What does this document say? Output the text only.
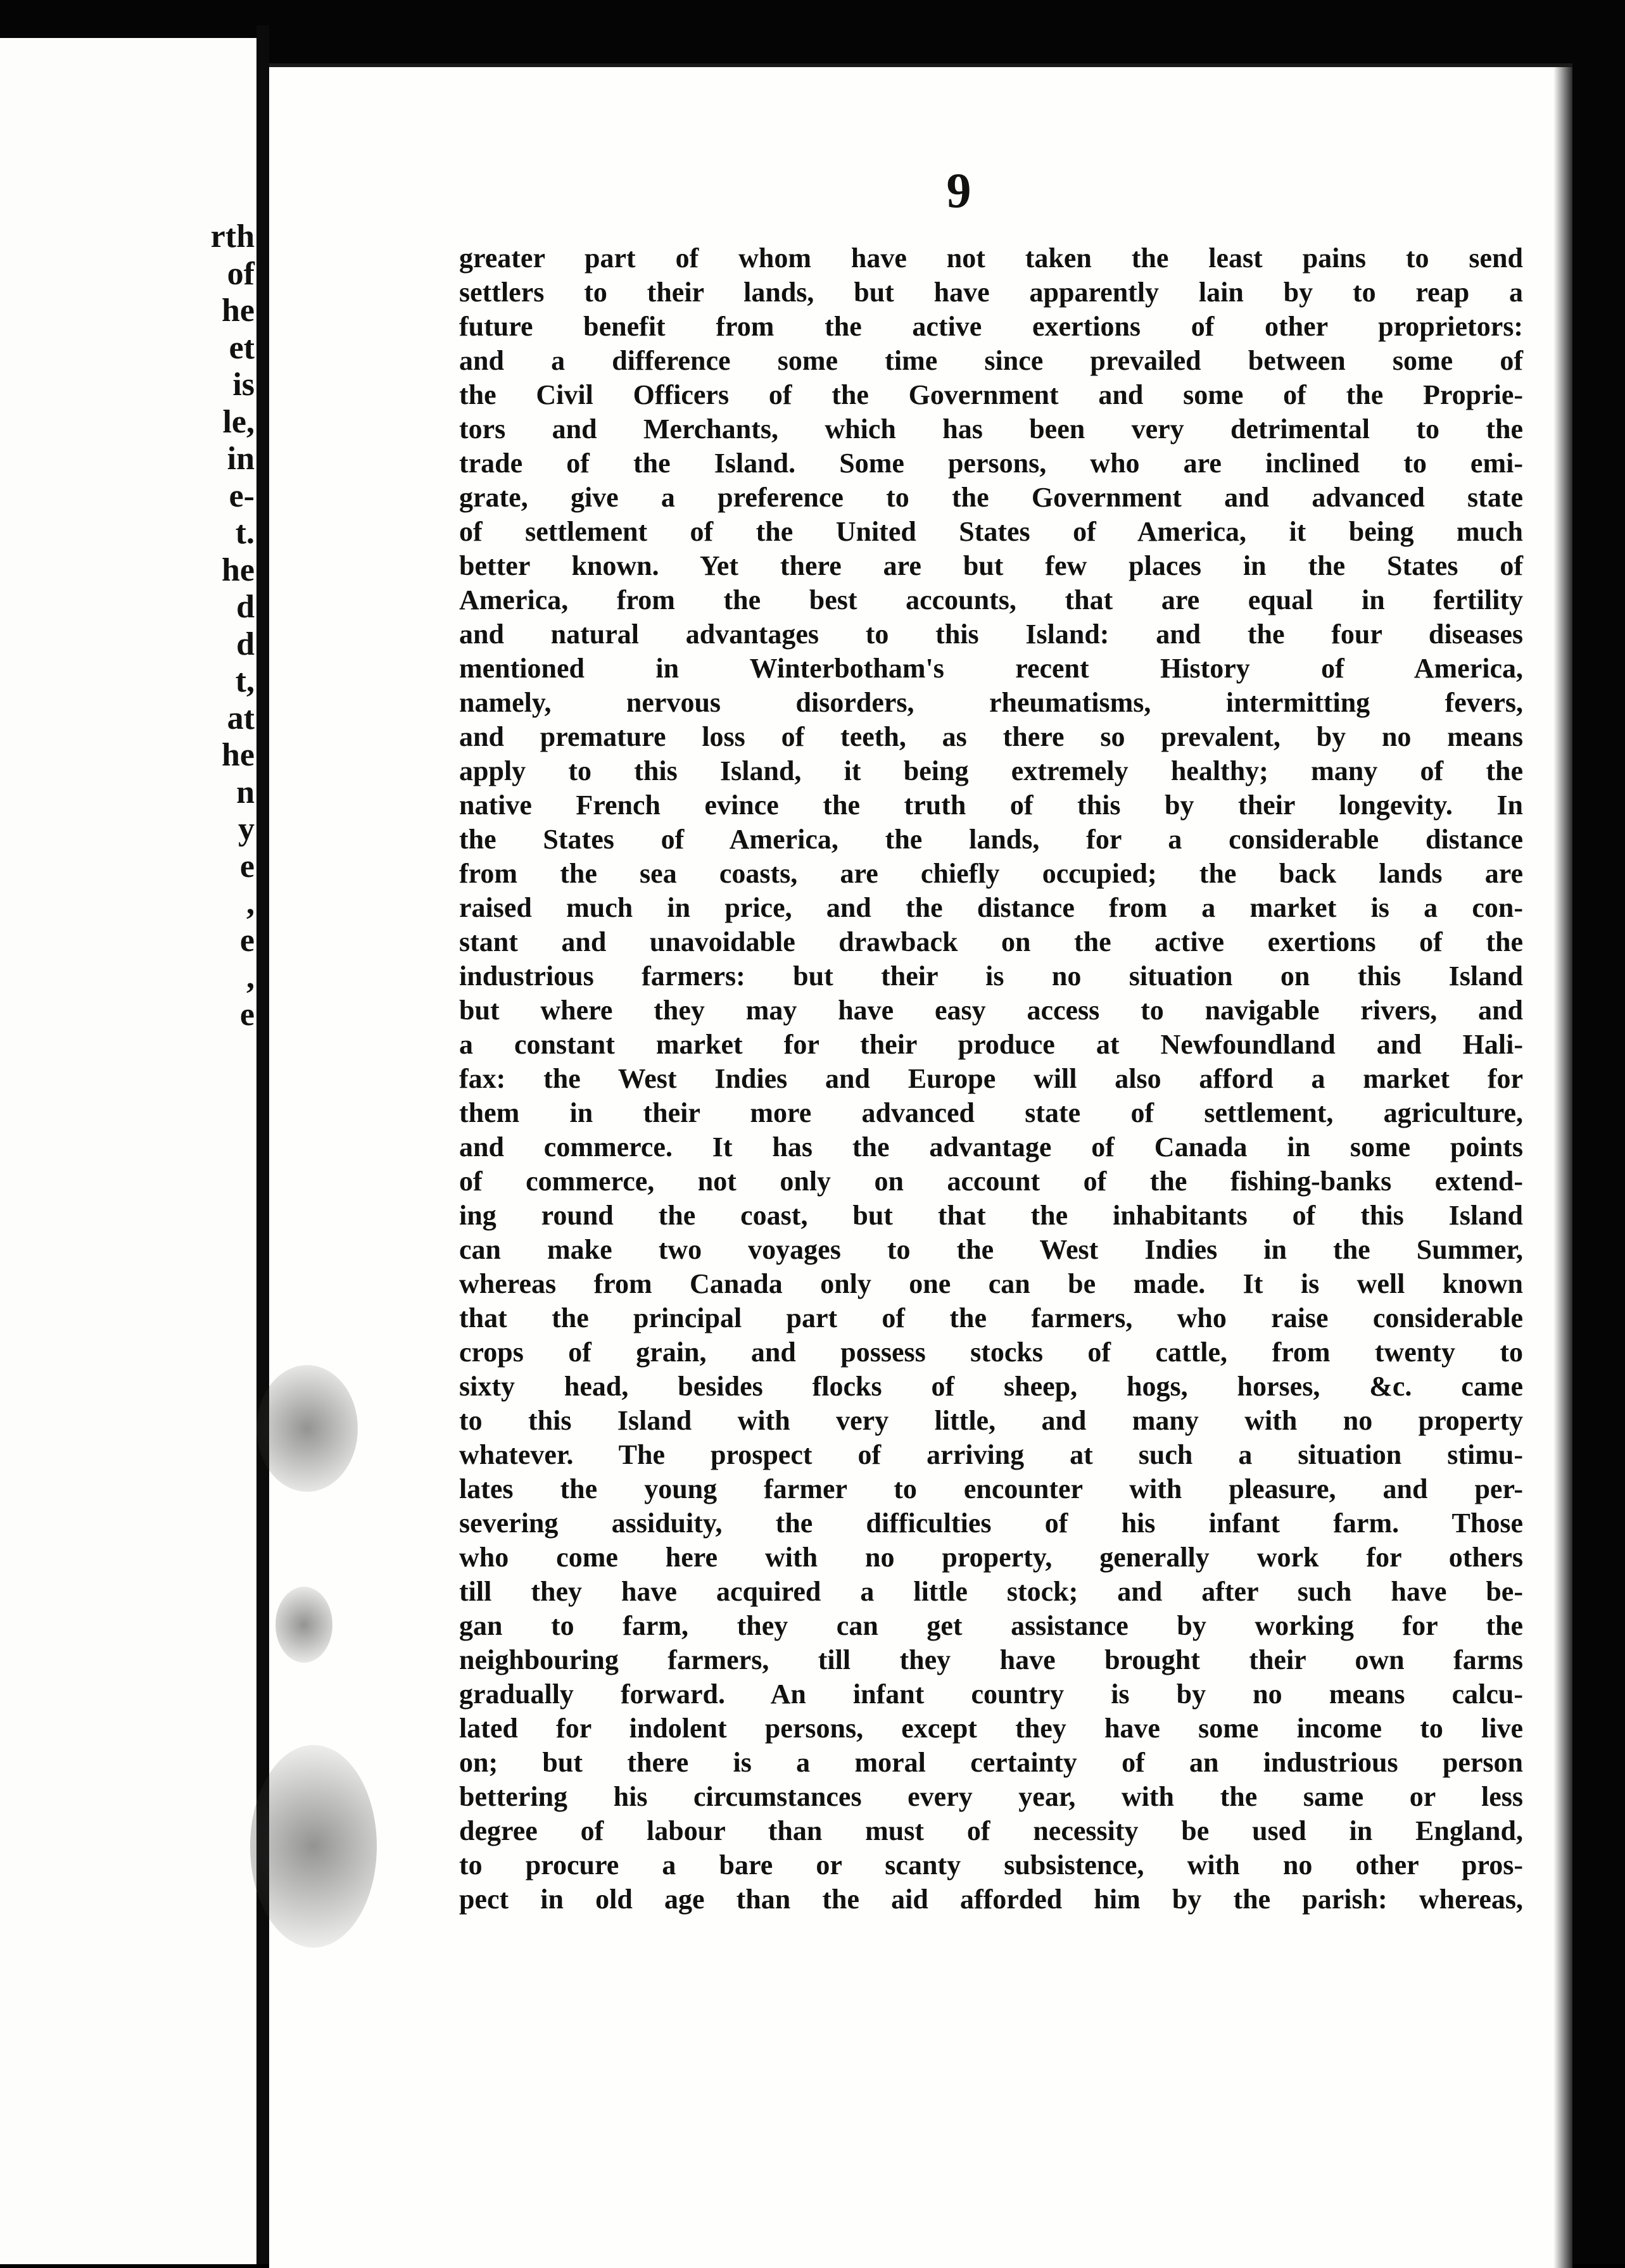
rth
of
he
et
is
le,
in
e-
t.
he
d
d
t,
at
he
n
y
e
,
e
,
e
9
greater part of whom have not taken the least pains to send
settlers to their lands, but have apparently lain by to reap a
future benefit from the active exertions of other proprietors:
and a difference some time since prevailed between some of
the Civil Officers of the Government and some of the Proprie-
tors and Merchants, which has been very detrimental to the
trade of the Island. Some persons, who are inclined to emi-
grate, give a preference to the Government and advanced state
of settlement of the United States of America, it being much
better known. Yet there are but few places in the States of
America, from the best accounts, that are equal in fertility
and natural advantages to this Island: and the four diseases
mentioned in Winterbotham's recent History of America,
namely, nervous disorders, rheumatisms, intermitting fevers,
and premature loss of teeth, as there so prevalent, by no means
apply to this Island, it being extremely healthy; many of the
native French evince the truth of this by their longevity. In
the States of America, the lands, for a considerable distance
from the sea coasts, are chiefly occupied; the back lands are
raised much in price, and the distance from a market is a con-
stant and unavoidable drawback on the active exertions of the
industrious farmers: but their is no situation on this Island
but where they may have easy access to navigable rivers, and
a constant market for their produce at Newfoundland and Hali-
fax: the West Indies and Europe will also afford a market for
them in their more advanced state of settlement, agriculture,
and commerce. It has the advantage of Canada in some points
of commerce, not only on account of the fishing-banks extend-
ing round the coast, but that the inhabitants of this Island
can make two voyages to the West Indies in the Summer,
whereas from Canada only one can be made. It is well known
that the principal part of the farmers, who raise considerable
crops of grain, and possess stocks of cattle, from twenty to
sixty head, besides flocks of sheep, hogs, horses, &c. came
to this Island with very little, and many with no property
whatever. The prospect of arriving at such a situation stimu-
lates the young farmer to encounter with pleasure, and per-
severing assiduity, the difficulties of his infant farm. Those
who come here with no property, generally work for others
till they have acquired a little stock; and after such have be-
gan to farm, they can get assistance by working for the
neighbouring farmers, till they have brought their own farms
gradually forward. An infant country is by no means calcu-
lated for indolent persons, except they have some income to live
on; but there is a moral certainty of an industrious person
bettering his circumstances every year, with the same or less
degree of labour than must of necessity be used in England,
to procure a bare or scanty subsistence, with no other pros-
pect in old age than the aid afforded him by the parish: whereas,
